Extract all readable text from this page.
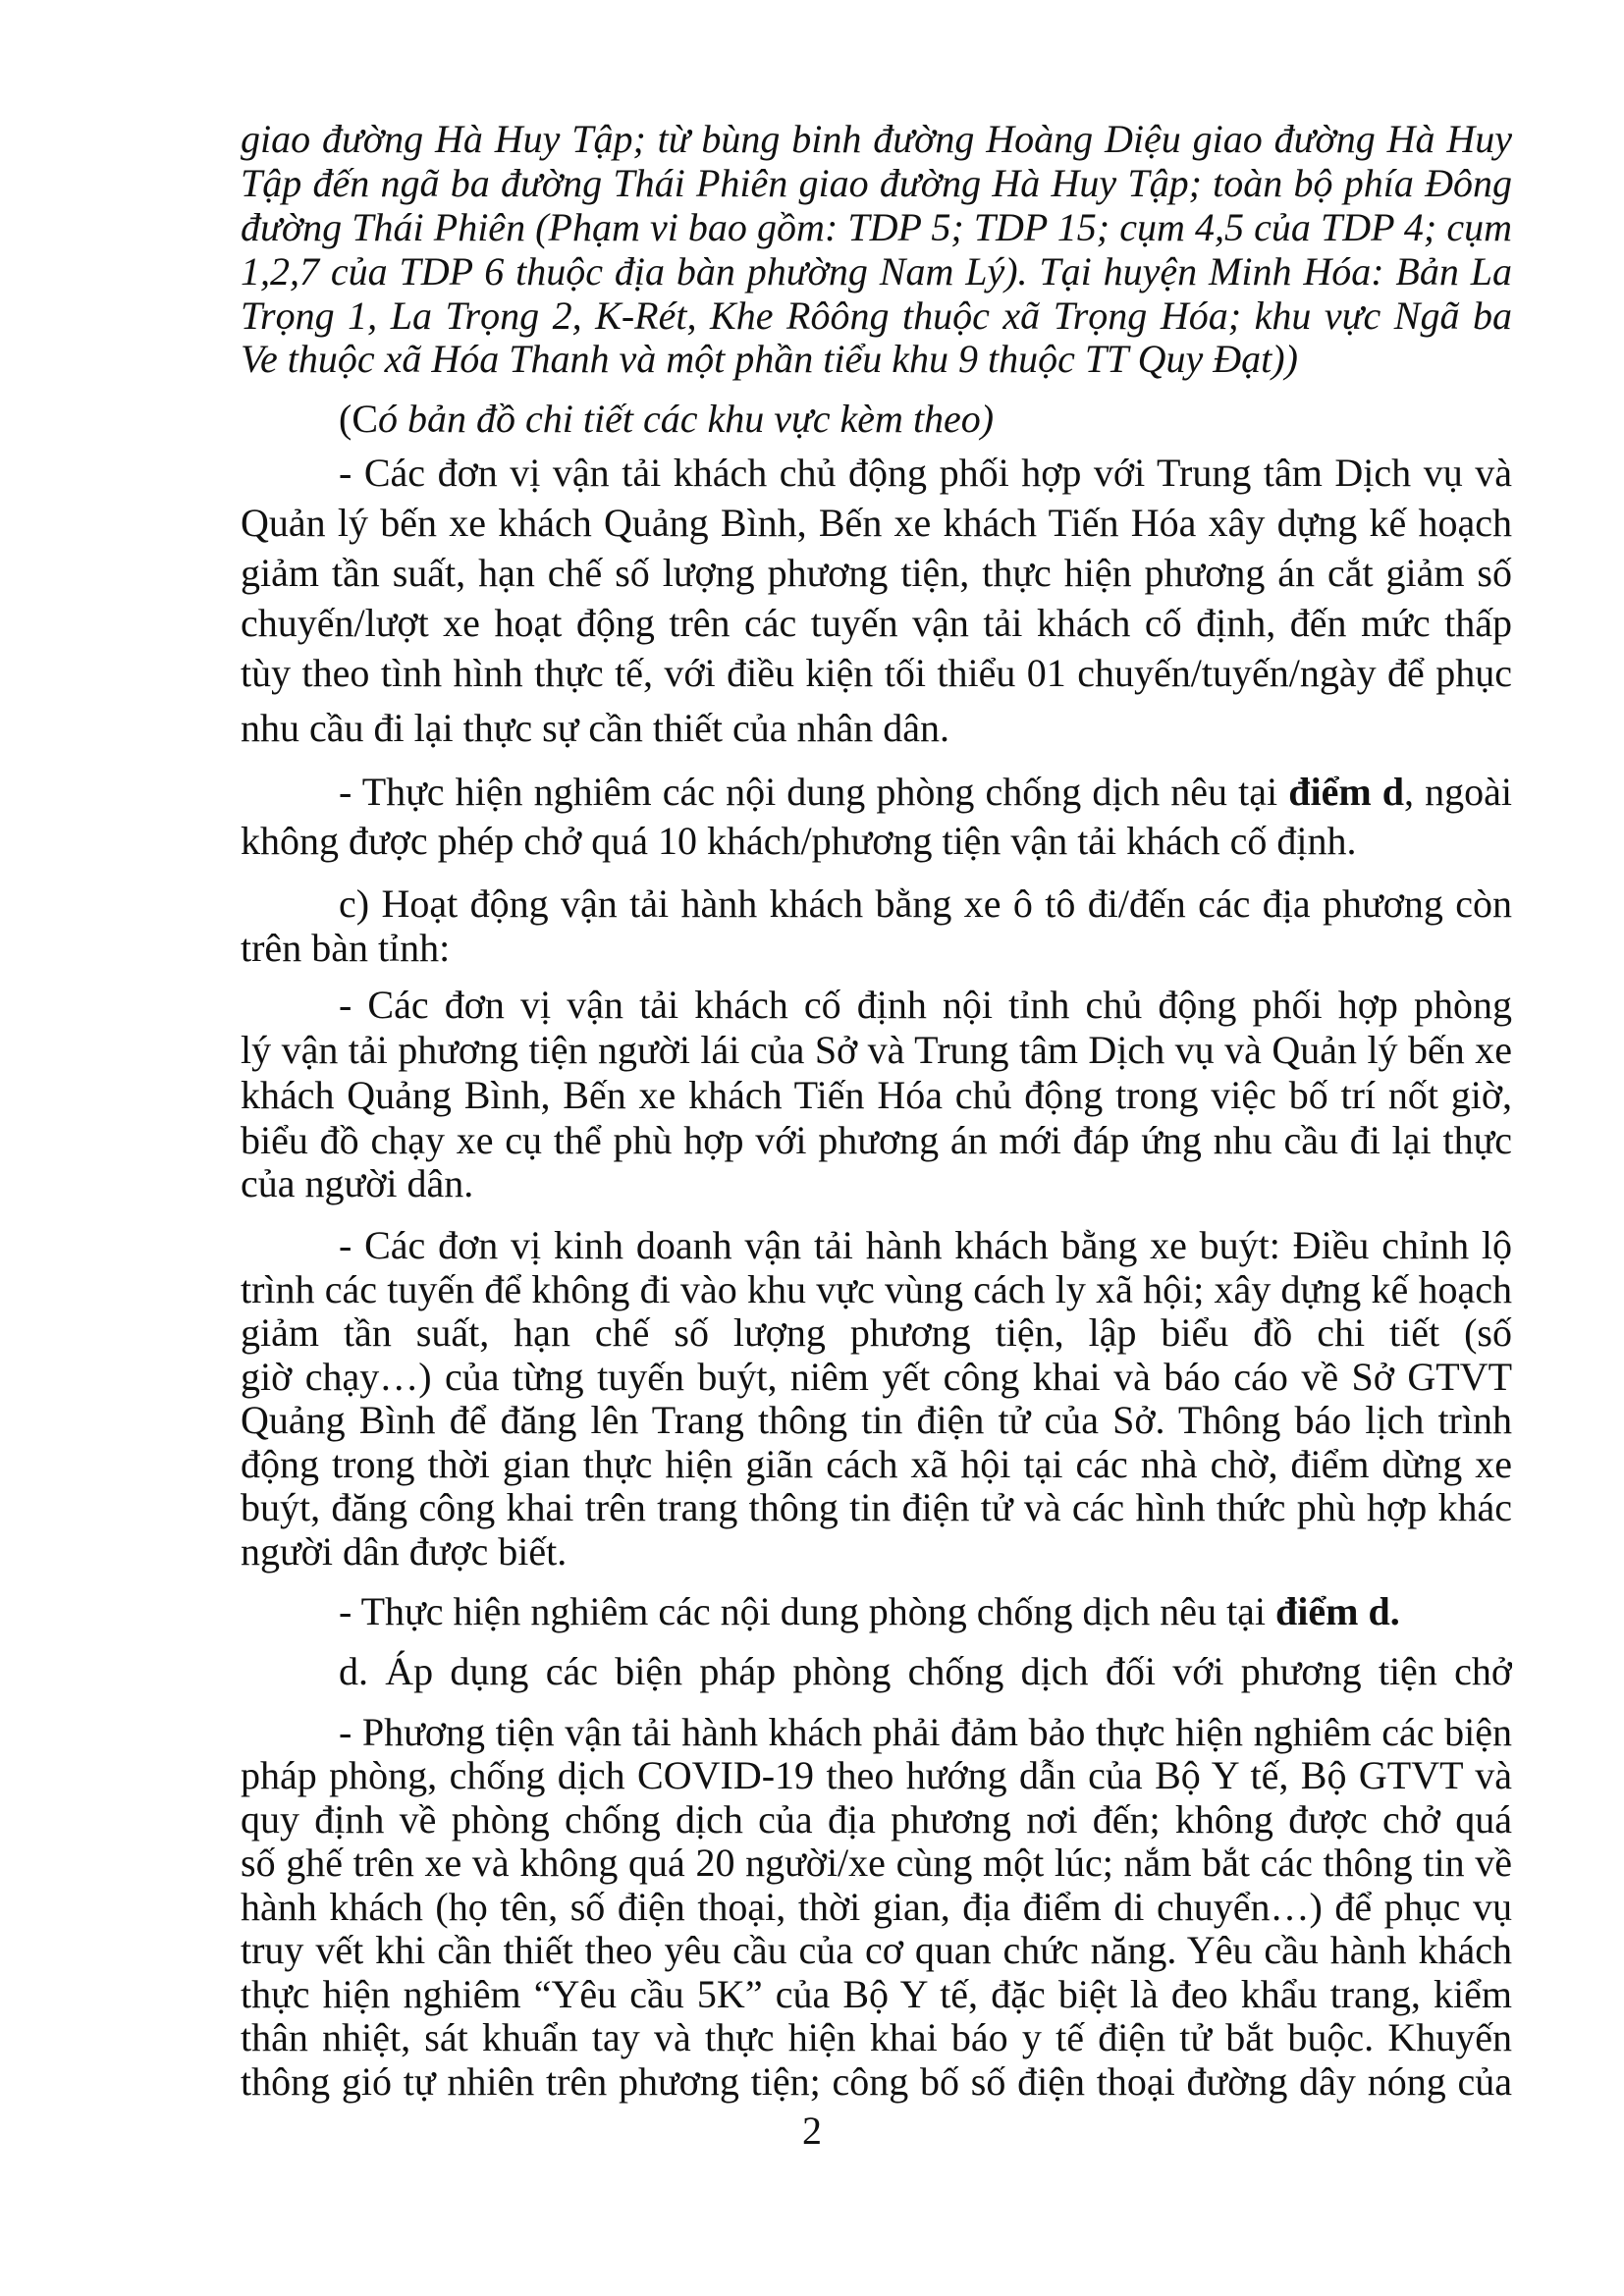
giao đường Hà Huy Tập; từ bùng binh đường Hoàng Diệu giao đường Hà Huy
Tập đến ngã ba đường Thái Phiên giao đường Hà Huy Tập; toàn bộ phía Đông
đường Thái Phiên (Phạm vi bao gồm: TDP 5; TDP 15; cụm 4,5 của TDP 4; cụm
1,2,7 của TDP 6 thuộc địa bàn phường Nam Lý). Tại huyện Minh Hóa: Bản La
Trọng 1, La Trọng 2, K-Rét, Khe Rôông thuộc xã Trọng Hóa; khu vực Ngã ba
Ve thuộc xã Hóa Thanh và một phần tiểu khu 9 thuộc TT Quy Đạt))
(Có bản đồ chi tiết các khu vực kèm theo)
- Các đơn vị vận tải khách chủ động phối hợp với Trung tâm Dịch vụ và
Quản lý bến xe khách Quảng Bình, Bến xe khách Tiến Hóa xây dựng kế hoạch
giảm tần suất, hạn chế số lượng phương tiện, thực hiện phương án cắt giảm số
chuyến/lượt xe hoạt động trên các tuyến vận tải khách cố định, đến mức thấp
tùy theo tình hình thực tế, với điều kiện tối thiểu 01 chuyến/tuyến/ngày để phục
nhu cầu đi lại thực sự cần thiết của nhân dân.
- Thực hiện nghiêm các nội dung phòng chống dịch nêu tại điểm d, ngoài
không được phép chở quá 10 khách/phương tiện vận tải khách cố định.
c) Hoạt động vận tải hành khách bằng xe ô tô đi/đến các địa phương còn
trên bàn tỉnh:
- Các đơn vị vận tải khách cố định nội tỉnh chủ động phối hợp phòng
lý vận tải phương tiện người lái của Sở và Trung tâm Dịch vụ và Quản lý bến xe
khách Quảng Bình, Bến xe khách Tiến Hóa chủ động trong việc bố trí nốt giờ,
biểu đồ chạy xe cụ thể phù hợp với phương án mới đáp ứng nhu cầu đi lại thực
của người dân.
- Các đơn vị kinh doanh vận tải hành khách bằng xe buýt: Điều chỉnh lộ
trình các tuyến để không đi vào khu vực vùng cách ly xã hội; xây dựng kế hoạch
giảm tần suất, hạn chế số lượng phương tiện, lập biểu đồ chi tiết (số
giờ chạy…) của từng tuyến buýt, niêm yết công khai và báo cáo về Sở GTVT
Quảng Bình để đăng lên Trang thông tin điện tử của Sở. Thông báo lịch trình
động trong thời gian thực hiện giãn cách xã hội tại các nhà chờ, điểm dừng xe
buýt, đăng công khai trên trang thông tin điện tử và các hình thức phù hợp khác
người dân được biết.
- Thực hiện nghiêm các nội dung phòng chống dịch nêu tại điểm d.
d. Áp dụng các biện pháp phòng chống dịch đối với phương tiện chở
- Phương tiện vận tải hành khách phải đảm bảo thực hiện nghiêm các biện
pháp phòng, chống dịch COVID-19 theo hướng dẫn của Bộ Y tế, Bộ GTVT và
quy định về phòng chống dịch của địa phương nơi đến; không được chở quá
số ghế trên xe và không quá 20 người/xe cùng một lúc; nắm bắt các thông tin về
hành khách (họ tên, số điện thoại, thời gian, địa điểm di chuyển…) để phục vụ
truy vết khi cần thiết theo yêu cầu của cơ quan chức năng. Yêu cầu hành khách
thực hiện nghiêm “Yêu cầu 5K” của Bộ Y tế, đặc biệt là đeo khẩu trang, kiểm
thân nhiệt, sát khuẩn tay và thực hiện khai báo y tế điện tử bắt buộc. Khuyến
thông gió tự nhiên trên phương tiện; công bố số điện thoại đường dây nóng của
2
